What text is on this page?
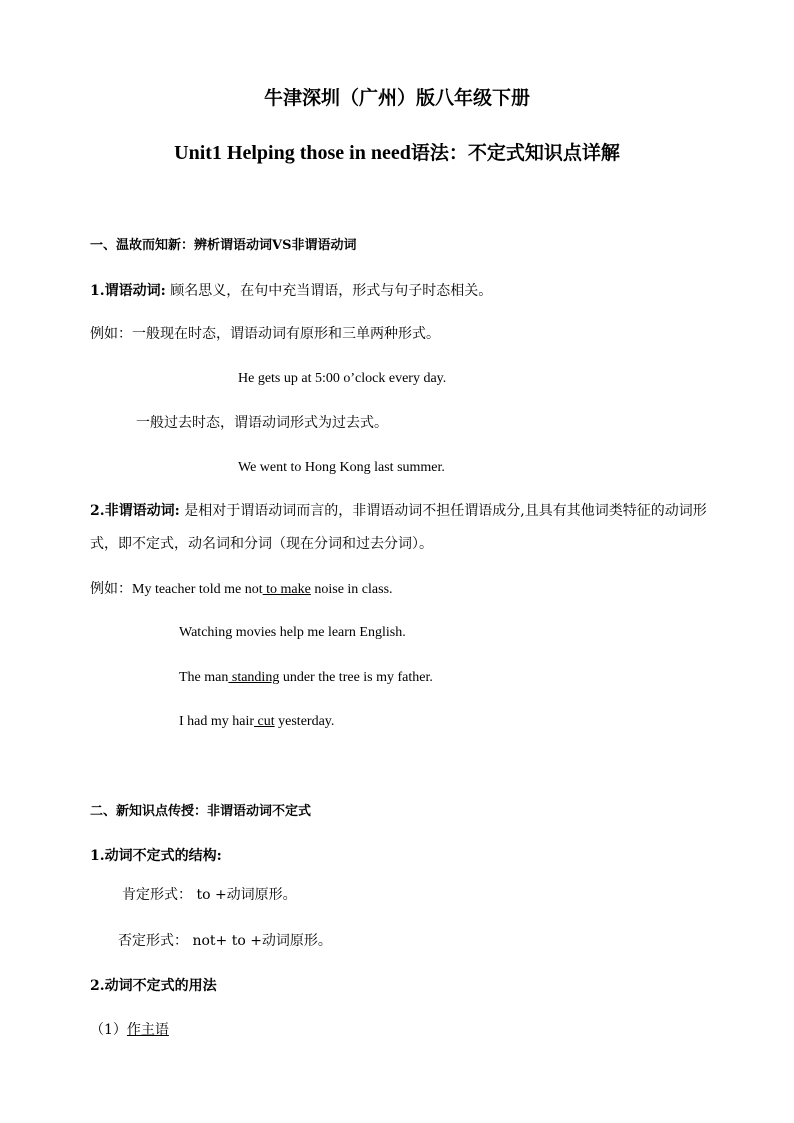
牛津深圳（广州）版八年级下册
Unit1 Helping those in need语法：不定式知识点详解
一、温故而知新：辨析谓语动词VS非谓语动词
1.谓语动词: 顾名思义，在句中充当谓语，形式与句子时态相关。
例如：一般现在时态，谓语动词有原形和三单两种形式。
He gets up at 5:00 o’clock every day.
一般过去时态，谓语动词形式为过去式。
We went to Hong Kong last summer.
2.非谓语动词: 是相对于谓语动词而言的，非谓语动词不担任谓语成分,且具有其他词类特征的动词形式，即不定式，动名词和分词（现在分词和过去分词）。
例如：My teacher told me not to make noise in class.
Watching movies help me learn English.
The man standing under the tree is my father.
I had my hair cut yesterday.
二、新知识点传授：非谓语动词不定式
1.动词不定式的结构:
肯定形式： to +动词原形。
否定形式： not+ to +动词原形。
2.动词不定式的用法
（1）作主语
